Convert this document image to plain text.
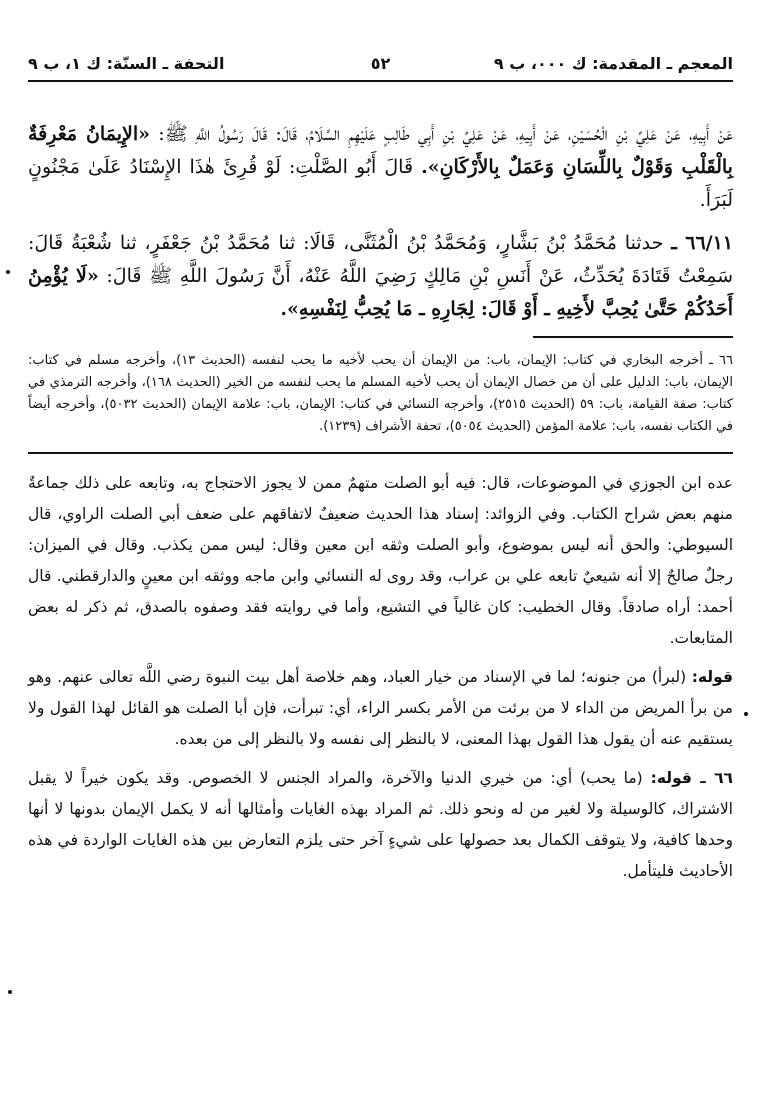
المعجم ـ المقدمة: ك ٠٠٠، ب ٩
٥٢
التحفة ـ السنّة: ك ١، ب ٩

عَنْ أَبِيهِ، عَنْ عَلِيِّ بْنِ الْحُسَيْنِ، عَنْ أَبِيهِ، عَنْ عَلِيِّ بْنِ أَبِي طَالِبٍ عَلَيْهِمِ السَّلَامُ، قَالَ: قَالَ رَسُولُ اللَّهِ ﷺ: «الإِيمَانُ مَعْرِفَةٌ بِالْقَلْبِ وَقَوْلٌ بِاللِّسَانِ وَعَمَلٌ بِالأَرْكَانِ». قَالَ أَبُو الصَّلْتِ: لَوْ قُرِئَ هٰذَا الإِسْنَادُ عَلَىٰ مَجْنُونٍ لَبَرَأَ.

٦٦/١١ ـ حدثنا مُحَمَّدُ بْنُ بَشَّارٍ، وَمُحَمَّدُ بْنُ الْمُثَنَّى، قَالَا: ثنا مُحَمَّدُ بْنُ جَعْفَرٍ، ثنا شُعْبَةُ قَالَ: سَمِعْتُ قَتَادَةَ يُحَدِّثُ، عَنْ أَنَسِ بْنِ مَالِكٍ رَضِيَ اللَّهُ عَنْهُ، أَنَّ رَسُولَ اللَّهِ ﷺ قَالَ: «لَا يُؤْمِنُ أَحَدُكُمْ حَتَّىٰ يُحِبَّ لأَخِيهِ ـ أَوْ قَالَ: لِجَارِهِ ـ مَا يُحِبُّ لِنَفْسِهِ».

٦٦ ـ أخرجه البخاري في كتاب: الإيمان، باب: من الإيمان أن يحب لأخيه ما يحب لنفسه (الحديث ١٣)، وأخرجه مسلم في كتاب: الإيمان، باب: الدليل على أن من خصال الإيمان أن يحب لأخيه المسلم ما يحب لنفسه من الخير (الحديث ١٦٨)، وأخرجه الترمذي في كتاب: صفة القيامة، باب: ٥٩ (الحديث ٢٥١٥)، وأخرجه النسائي في كتاب: الإيمان، باب: علامة الإيمان (الحديث ٥٠٣٢)، وأخرجه أيضاً في الكتاب نفسه، باب: علامة المؤمن (الحديث ٥٠٥٤)، تحفة الأشراف (١٢٣٩).

عده ابن الجوزي في الموضوعات، قال: فيه أبو الصلت متهمٌ ممن لا يجوز الاحتجاج به، وتابعه على ذلك جماعةٌ منهم بعض شراح الكتاب. وفي الزوائد: إسناد هذا الحديث ضعيفٌ لاتفاقهم على ضعف أبي الصلت الراوي، قال السيوطي: والحق أنه ليس بموضوع، وأبو الصلت وثقه ابن معين وقال: ليس ممن يكذب. وقال في الميزان: رجلٌ صالحٌ إلا أنه شيعيٌ تابعه علي بن عراب، وقد روى له النسائي وابن ماجه ووثقه ابن معينٍ والدارقطني. قال أحمد: أراه صادقاً. وقال الخطيب: كان غالياً في التشيع، وأما في روايته فقد وصفوه بالصدق، ثم ذكر له بعض المتابعات.

قوله: (لبرأ) من جنونه؛ لما في الإسناد من خيار العباد، وهم خلاصة أهل بيت النبوة رضي اللَّه تعالى عنهم. وهو من برأ المريض من الداء لا من برئت من الأمر بكسر الراء، أي: تبرأت، فإن أبا الصلت هو القائل لهذا القول ولا يستقيم عنه أن يقول هذا القول بهذا المعنى، لا بالنظر إلى نفسه ولا بالنظر إلى من بعده.

٦٦ ـ قوله: (ما يحب) أي: من خيري الدنيا والآخرة، والمراد الجنس لا الخصوص. وقد يكون خيراً لا يقبل الاشتراك، كالوسيلة ولا لغير من له ونحو ذلك. ثم المراد بهذه الغايات وأمثالها أنه لا يكمل الإيمان بدونها لا أنها وحدها كافية، ولا يتوقف الكمال بعد حصولها على شيءٍ آخر حتى يلزم التعارض بين هذه الغايات الواردة في هذه الأحاديث فليتأمل.
